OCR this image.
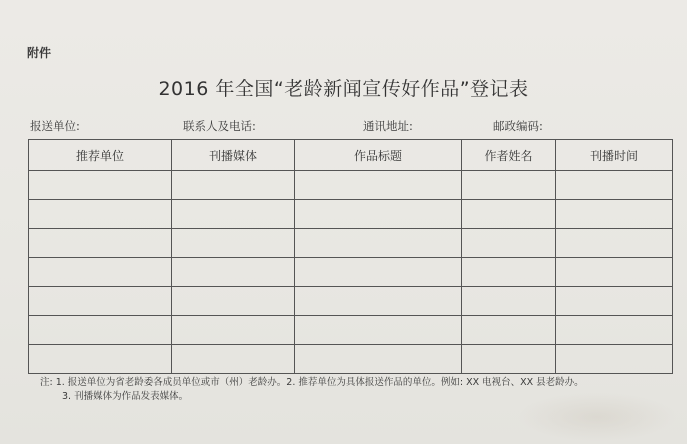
附件
2016 年全国“老龄新闻宣传好作品”登记表
报送单位:	联系人及电话:	通讯地址:	邮政编码:
推荐单位	刊播媒体	作品标题	作者姓名	刊播时间

注: 1. 报送单位为省老龄委各成员单位或市（州）老龄办。2. 推荐单位为具体报送作品的单位。例如: XX 电视台、XX 县老龄办。
3. 刊播媒体为作品发表媒体。
